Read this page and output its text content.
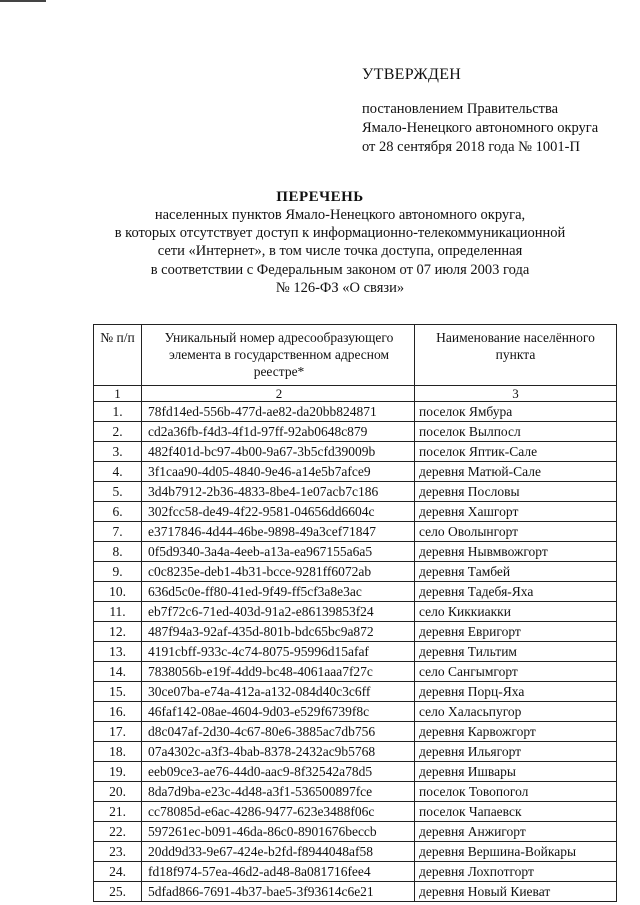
УТВЕРЖДЕН
постановлением Правительства
Ямало-Ненецкого автономного округа
от 28 сентября 2018 года № 1001-П
ПЕРЕЧЕНЬ
населенных пунктов Ямало-Ненецкого автономного округа,
в которых отсутствует доступ к информационно-телекоммуникационной
сети «Интернет», в том числе точка доступа, определенная
в соответствии с Федеральным законом от 07 июля 2003 года
№ 126-ФЗ «О связи»
№ п/п	Уникальный номер адресообразующего элемента в государственном адресном реестре*	Наименование населённого пункта
1	2	3
1.	78fd14ed-556b-477d-ae82-da20bb824871	поселок Ямбура
2.	cd2a36fb-f4d3-4f1d-97ff-92ab0648c879	поселок Вылпосл
3.	482f401d-bc97-4b00-9a67-3b5cfd39009b	поселок Яптик-Сале
4.	3f1caa90-4d05-4840-9e46-a14e5b7afce9	деревня Матюй-Сале
5.	3d4b7912-2b36-4833-8be4-1e07acb7c186	деревня Пословы
6.	302fcc58-de49-4f22-9581-04656dd6604c	деревня Хашгорт
7.	e3717846-4d44-46be-9898-49a3cef71847	село Оволынгорт
8.	0f5d9340-3a4a-4eeb-a13a-ea967155a6a5	деревня Нывмвожгорт
9.	c0c8235e-deb1-4b31-bcce-9281ff6072ab	деревня Тамбей
10.	636d5c0e-ff80-41ed-9f49-ff5cf3a8e3ac	деревня Тадебя-Яха
11.	eb7f72c6-71ed-403d-91a2-e86139853f24	село Киккиакки
12.	487f94a3-92af-435d-801b-bdc65bc9a872	деревня Евригорт
13.	4191cbff-933c-4c74-8075-95996d15afaf	деревня Тильтим
14.	7838056b-e19f-4dd9-bc48-4061aaa7f27c	село Сангымгорт
15.	30ce07ba-e74a-412a-a132-084d40c3c6ff	деревня Порц-Яха
16.	46faf142-08ae-4604-9d03-e529f6739f8c	село Халасьпугор
17.	d8c047af-2d30-4c67-80e6-3885ac7db756	деревня Карвожгорт
18.	07a4302c-a3f3-4bab-8378-2432ac9b5768	деревня Ильягорт
19.	eeb09ce3-ae76-44d0-aac9-8f32542a78d5	деревня Ишвары
20.	8da7d9ba-e23c-4d48-a3f1-536500897fce	поселок Товопогол
21.	cc78085d-e6ac-4286-9477-623e3488f06c	поселок Чапаевск
22.	597261ec-b091-46da-86c0-8901676beccb	деревня Анжигорт
23.	20dd9d33-9e67-424e-b2fd-f8944048af58	деревня Вершина-Войкары
24.	fd18f974-57ea-46d2-ad48-8a081716fee4	деревня Лохпотгорт
25.	5dfad866-7691-4b37-bae5-3f93614c6e21	деревня Новый Киеват
